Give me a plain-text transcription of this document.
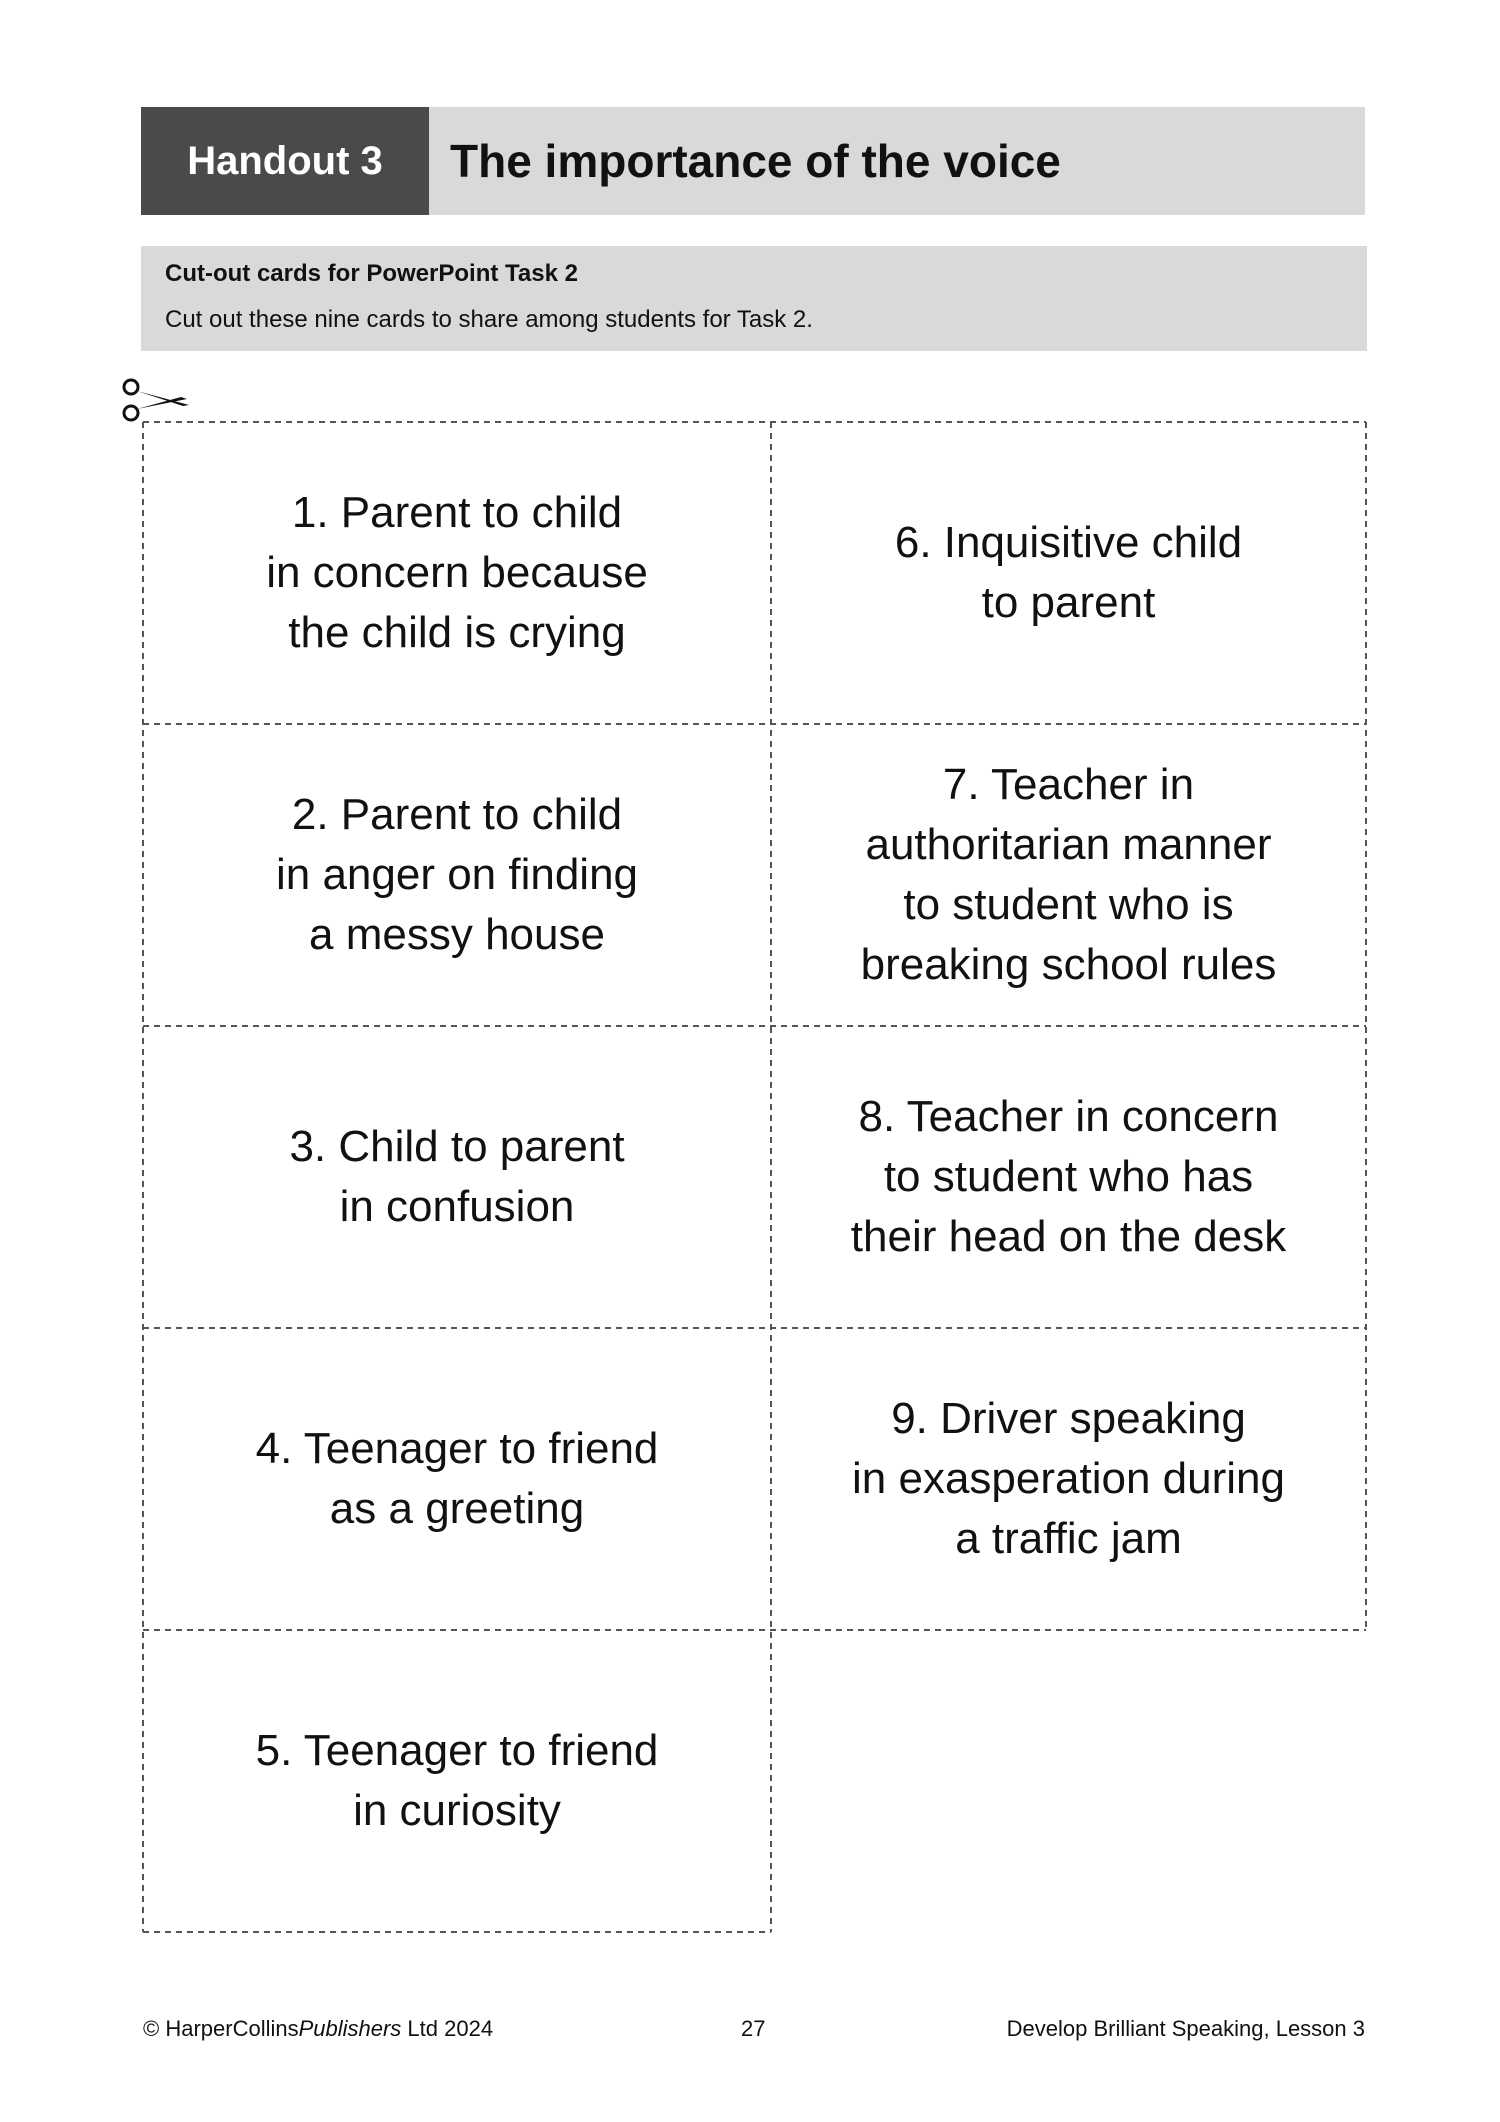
Handout 3	The importance of the voice
Cut-out cards for PowerPoint Task 2
Cut out these nine cards to share among students for Task 2.
1. Parent to child
in concern because
the child is crying
2. Parent to child
in anger on finding
a messy house
3. Child to parent
in confusion
4. Teenager to friend
as a greeting
5. Teenager to friend
in curiosity
6. Inquisitive child
to parent
7. Teacher in
authoritarian manner
to student who is
breaking school rules
8. Teacher in concern
to student who has
their head on the desk
9. Driver speaking
in exasperation during
a traffic jam
© HarperCollinsPublishers Ltd 2024	27	Develop Brilliant Speaking, Lesson 3
